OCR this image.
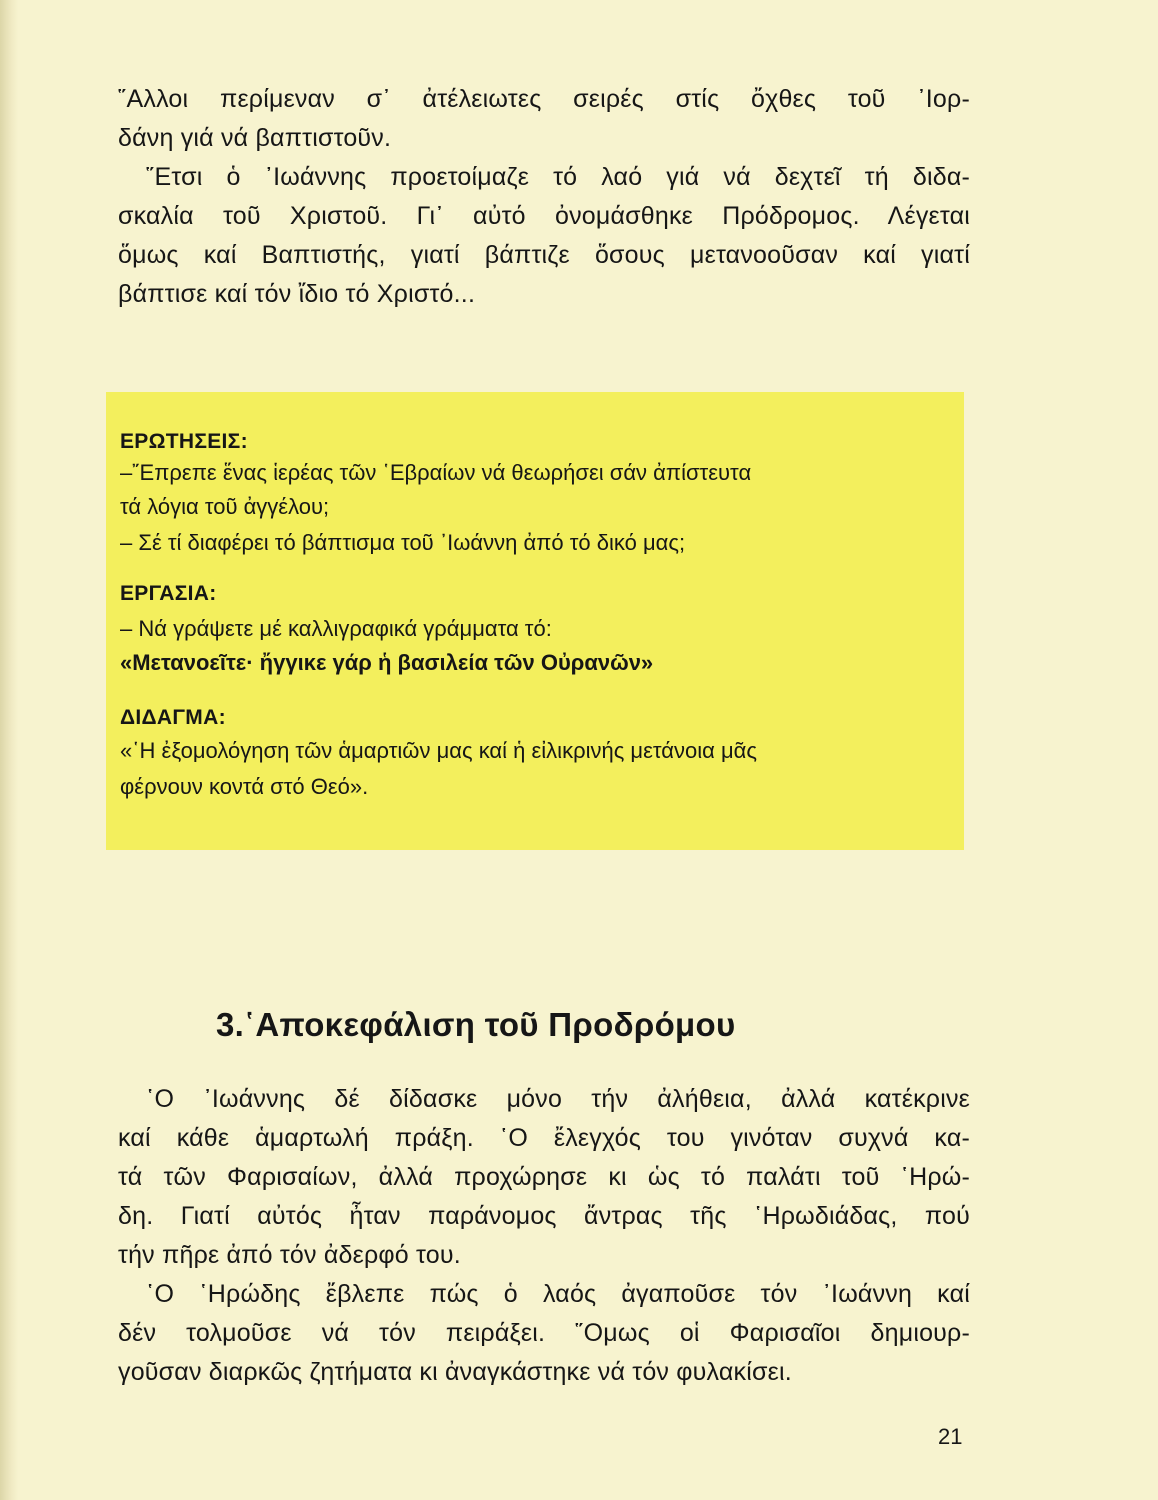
῞Αλλοι περίμεναν σ᾿ ἀτέλειωτες σειρές στίς ὄχθες τοῦ ᾿Ιορ-
δάνη γιά νά βαπτιστοῦν.
῞Ετσι ὁ ᾿Ιωάννης προετοίμαζε τό λαό γιά νά δεχτεῖ τή διδα-
σκαλία τοῦ Χριστοῦ. Γι᾿ αὐτό ὀνομάσθηκε Πρόδρομος. Λέγεται
ὅμως καί Βαπτιστής, γιατί βάπτιζε ὅσους μετανοοῦσαν καί γιατί
βάπτισε καί τόν ἴδιο τό Χριστό...
ΕΡΩΤΗΣΕΙΣ:
–῎Επρεπε ἕνας ἱερέας τῶν ῾Εβραίων νά θεωρήσει σάν ἀπίστευτα
τά λόγια τοῦ ἀγγέλου;
– Σέ τί διαφέρει τό βάπτισμα τοῦ ᾿Ιωάννη ἀπό τό δικό μας;
ΕΡΓΑΣΙΑ:
– Νά γράψετε μέ καλλιγραφικά γράμματα τό:
«Μετανοεῖτε· ἤγγικε γάρ ἡ βασιλεία τῶν Οὐρανῶν»
ΔΙΔΑΓΜΑ:
«῾Η ἐξομολόγηση τῶν ἁμαρτιῶν μας καί ἡ εἰλικρινής μετάνοια μᾶς
φέρνουν κοντά στό Θεό».
3.῾Αποκεφάλιση τοῦ Προδρόμου
῾Ο ᾿Ιωάννης δέ δίδασκε μόνο τήν ἀλήθεια, ἀλλά κατέκρινε
καί κάθε ἁμαρτωλή πράξη. ῾Ο ἔλεγχός του γινόταν συχνά κα-
τά τῶν Φαρισαίων, ἀλλά προχώρησε κι ὡς τό παλάτι τοῦ ῾Ηρώ-
δη. Γιατί αὐτός ἦταν παράνομος ἄντρας τῆς ῾Ηρωδιάδας, πού
τήν πῆρε ἀπό τόν ἀδερφό του.
῾Ο ῾Ηρώδης ἔβλεπε πώς ὁ λαός ἀγαποῦσε τόν ᾿Ιωάννη καί
δέν τολμοῦσε νά τόν πειράξει. ῞Ομως οἱ Φαρισαῖοι δημιουρ-
γοῦσαν διαρκῶς ζητήματα κι ἀναγκάστηκε νά τόν φυλακίσει.
21
